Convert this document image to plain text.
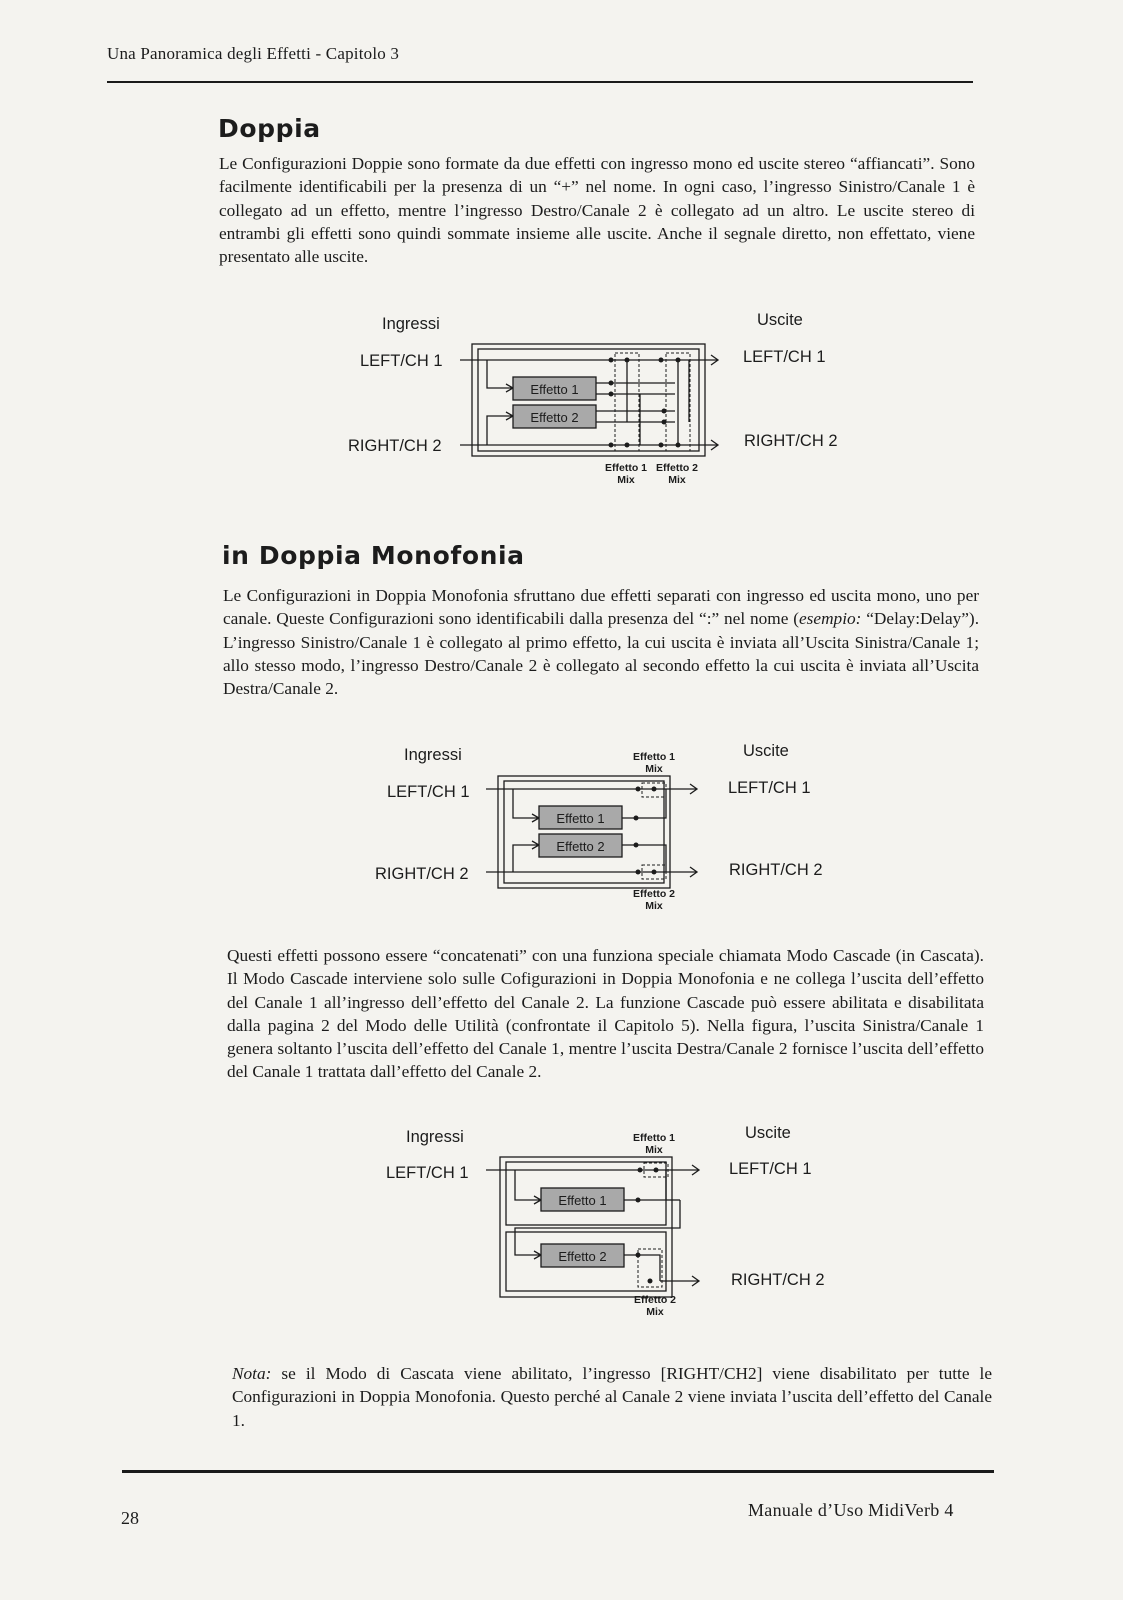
Una Panoramica degli Effetti - Capitolo 3
Doppia

Le Configurazioni Doppie sono formate da due effetti con ingresso mono ed uscite stereo “affiancati”. Sono facilmente identificabili per la presenza di un “+” nel nome. In ogni caso, l’ingresso Sinistro/Canale 1 è collegato ad un effetto, mentre l’ingresso Destro/Canale 2 è collegato ad un altro. Le uscite stereo di entrambi gli effetti sono quindi sommate insieme alle uscite. Anche il segnale diretto, non effettato, viene presentato alle uscite.

Ingressi	Uscite
LEFT/CH 1
RIGHT/CH 2
LEFT/CH 1
RIGHT/CH 2
Effetto 1
Effetto 2
Effetto 1
Mix
Effetto 2
Mix
in Doppia Monofonia

Le Configurazioni in Doppia Monofonia sfruttano due effetti separati con ingresso ed uscita mono, uno per canale. Queste Configurazioni sono identificabili dalla presenza del “:” nel nome (esempio: “Delay:Delay”). L’ingresso Sinistro/Canale 1 è collegato al primo effetto, la cui uscita è inviata all’Uscita Sinistra/Canale 1; allo stesso modo, l’ingresso Destro/Canale 2 è collegato al secondo effetto la cui uscita è inviata all’Uscita Destra/Canale 2.

Ingressi	Uscite
LEFT/CH 1
RIGHT/CH 2
LEFT/CH 1
RIGHT/CH 2
Effetto 1
Mix
Effetto 1
Effetto 2
Effetto 2
Mix

Questi effetti possono essere “concatenati” con una funziona speciale chiamata Modo Cascade (in Cascata). Il Modo Cascade interviene solo sulle Cofigurazioni in Doppia Monofonia e ne collega l’uscita dell’effetto del Canale 1 all’ingresso dell’effetto del Canale 2. La funzione Cascade può essere abilitata e disabilitata dalla pagina 2 del Modo delle Utilità (confrontate il Capitolo 5). Nella figura, l’uscita Sinistra/Canale 1 genera soltanto l’uscita dell’effetto del Canale 1, mentre l’uscita Destra/Canale 2 fornisce l’uscita dell’effetto del Canale 1 trattata dall’effetto del Canale 2.

Ingressi	Uscite
LEFT/CH 1	LEFT/CH 1
RIGHT/CH 2
Effetto 1
Mix
Effetto 1
Effetto 2
Effetto 2
Mix

Nota: se il Modo di Cascata viene abilitato, l’ingresso [RIGHT/CH2] viene disabilitato per tutte le Configurazioni in Doppia Monofonia. Questo perché al Canale 2 viene inviata l’uscita dell’effetto del Canale 1.

28	Manuale d’Uso MidiVerb 4
